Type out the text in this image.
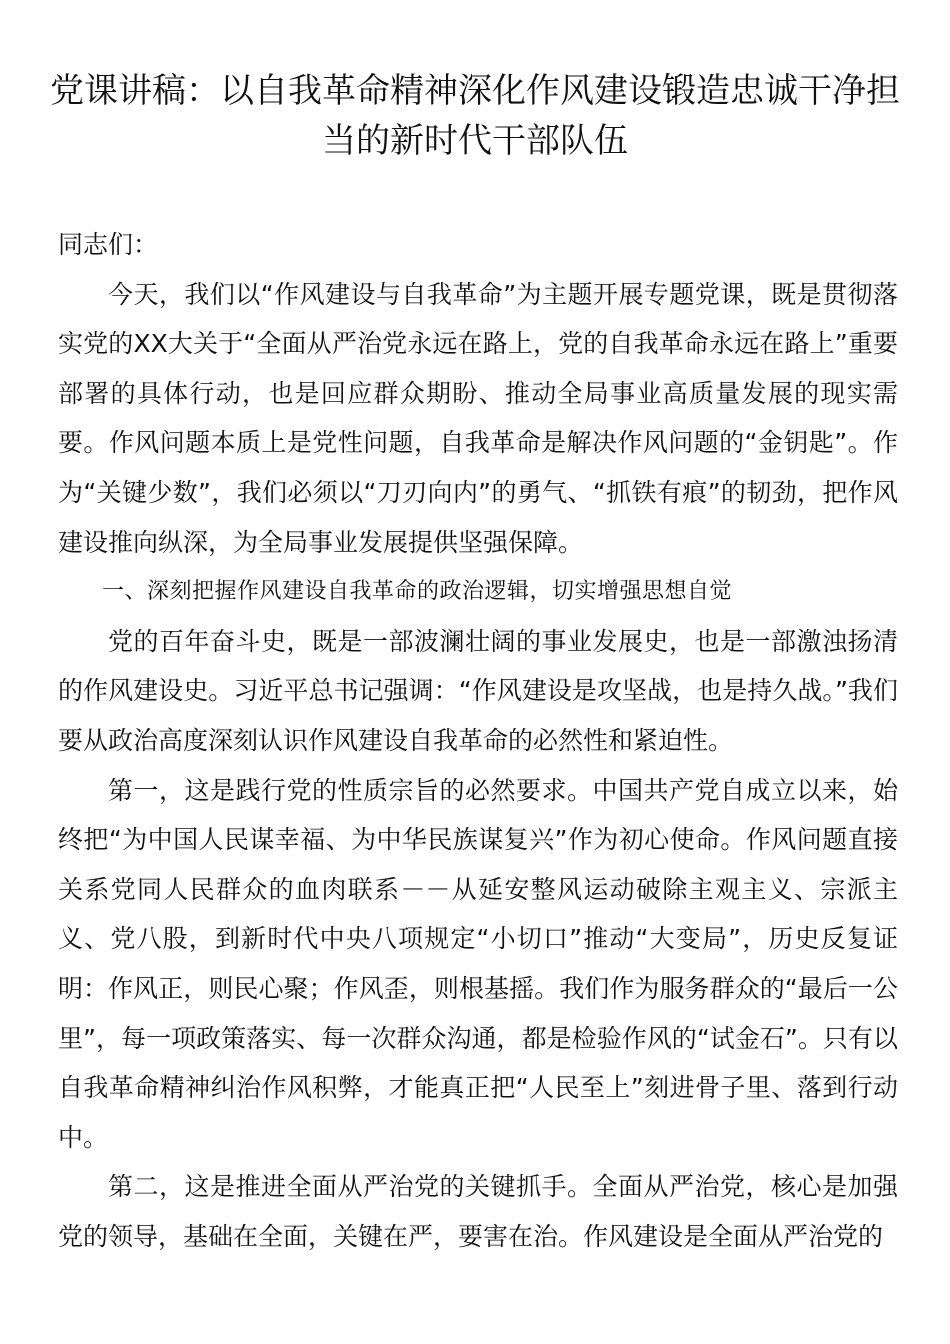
党课讲稿：以自我革命精神深化作风建设锻造忠诚干净担当的新时代干部队伍

同志们：

今天，我们以“作风建设与自我革命”为主题开展专题党课，既是贯彻落实党的XX大关于“全面从严治党永远在路上，党的自我革命永远在路上”重要部署的具体行动，也是回应群众期盼、推动全局事业高质量发展的现实需要。作风问题本质上是党性问题，自我革命是解决作风问题的“金钥匙”。作为“关键少数”，我们必须以“刀刃向内”的勇气、“抓铁有痕”的韧劲，把作风建设推向纵深，为全局事业发展提供坚强保障。

一、深刻把握作风建设自我革命的政治逻辑，切实增强思想自觉

党的百年奋斗史，既是一部波澜壮阔的事业发展史，也是一部激浊扬清的作风建设史。习近平总书记强调：“作风建设是攻坚战，也是持久战。”我们要从政治高度深刻认识作风建设自我革命的必然性和紧迫性。

第一，这是践行党的性质宗旨的必然要求。中国共产党自成立以来，始终把“为中国人民谋幸福、为中华民族谋复兴”作为初心使命。作风问题直接关系党同人民群众的血肉联系－－从延安整风运动破除主观主义、宗派主义、党八股，到新时代中央八项规定“小切口”推动“大变局”，历史反复证明：作风正，则民心聚；作风歪，则根基摇。我们作为服务群众的“最后一公里”，每一项政策落实、每一次群众沟通，都是检验作风的“试金石”。只有以自我革命精神纠治作风积弊，才能真正把“人民至上”刻进骨子里、落到行动中。

第二，这是推进全面从严治党的关键抓手。全面从严治党，核心是加强党的领导，基础在全面，关键在严，要害在治。作风建设是全面从严治党的
